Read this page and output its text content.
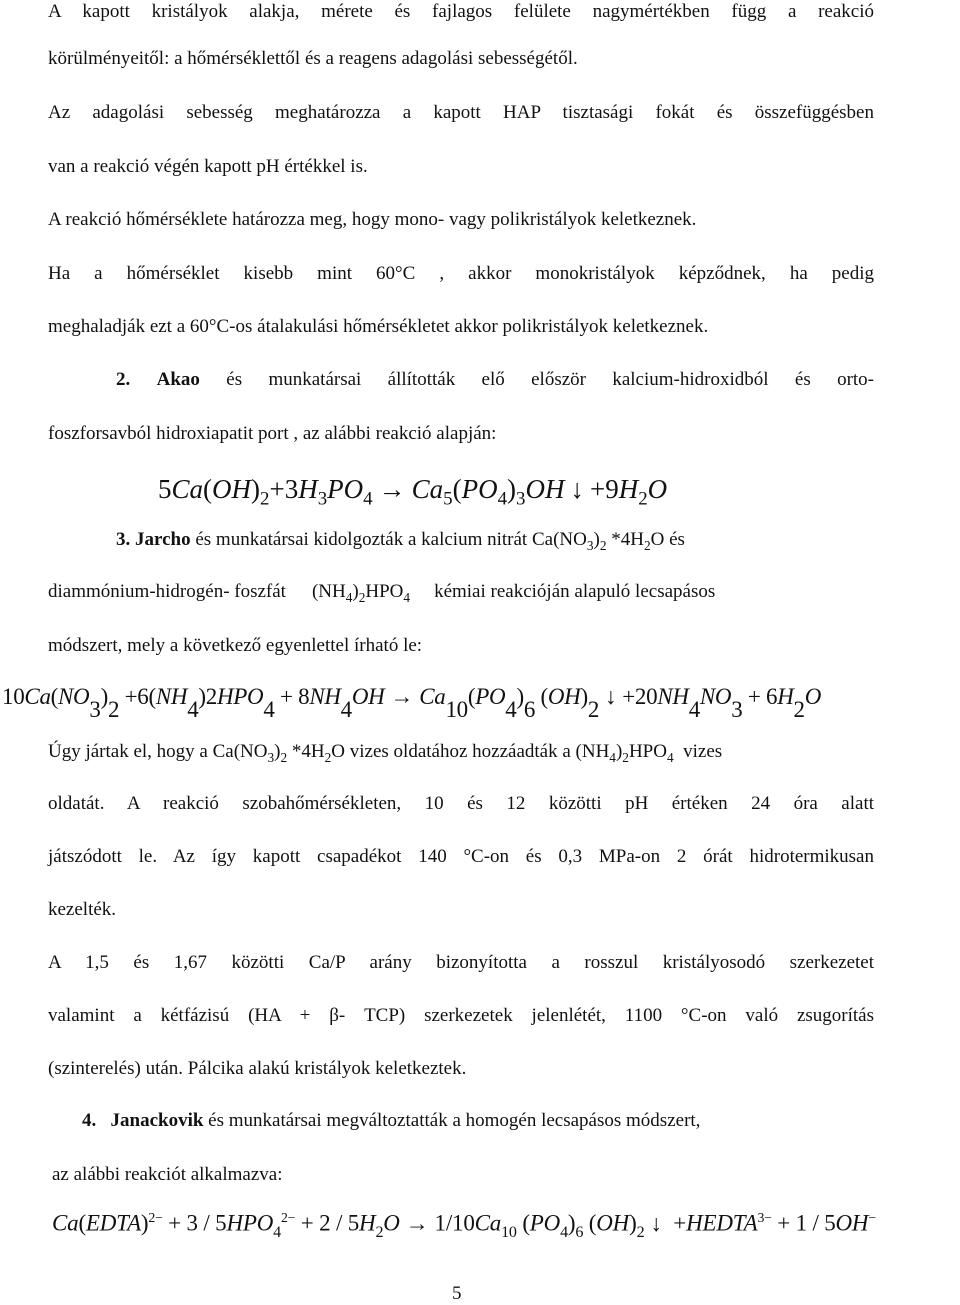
A kapott kristályok alakja, mérete és fajlagos felülete nagymértékben függ a reakció
körülményeitől: a hőmérséklettől és a reagens adagolási sebességétől.
Az adagolási sebesség meghatározza a kapott HAP tisztasági fokát és összefüggésben
van a reakció végén kapott pH értékkel is.
A reakció hőmérséklete határozza meg, hogy mono- vagy polikristályok keletkeznek.
Ha a hőmérséklet kisebb mint 60°C , akkor monokristályok képződnek, ha pedig
meghaladják ezt a 60°C-os átalakulási hőmérsékletet akkor polikristályok keletkeznek.
2. Akao és munkatársai állították elő először kalcium-hidroxidból és orto-
foszforsavból hidroxiapatit port , az alábbi reakció alapján:
$5Ca(OH)_2+3H_3PO_4 \to Ca_5(PO_4)_3OH$ ↓ $+9H_2O$
3. Jarcho és munkatársai kidolgozták a kalcium nitrát $Ca(NO_3)_2$ $*4H_2O$ és
diammónium-hidrogén- foszfát $(NH_4)_2HPO_4$ kémiai reakcióján alapuló lecsapásos
módszert, mely a következő egyenlettel írható le:
10Ca(NO3)2 +6(NH4)2HPO4 + 8NH4OH → Ca10(PO4)6 (OH)2↓ +20NH4NO3 + 6H2O
Úgy jártak el, hogy a $Ca(NO_3)_2$ $*4H_2O$ vizes oldatához hozzáadták a $(NH_4)_2HPO_4$  vizes
oldatát. A reakció szobahőmérsékleten, 10 és 12 közötti pH értéken 24 óra alatt
játszódott le. Az így kapott csapadékot 140 °C-on és 0,3 MPa-on 2 órát hidrotermikusan
kezelték.
A 1,5 és 1,67 közötti Ca/P arány bizonyította a rosszul kristályosodó szerkezetet
valamint a kétfázisú (HA + β- TCP) szerkezetek jelenlétét, 1100 °C-on való zsugorítás
(szinterelés) után. Pálcika alakú kristályok keletkeztek.
4. Janackovik és munkatársai megváltoztatták a homogén lecsapásos módszert,
az alábbi reakciót alkalmazva:
Ca(EDTA)$^{2-}$ + $3 / 5HPO_4^{2-} + 2 / 5H_2O \to 1/10Ca_{10}$ $(PO_4)_6$ $(OH)_2$ ↓ $+HEDTA^{3-} + 1 / 5OH^-$
5
